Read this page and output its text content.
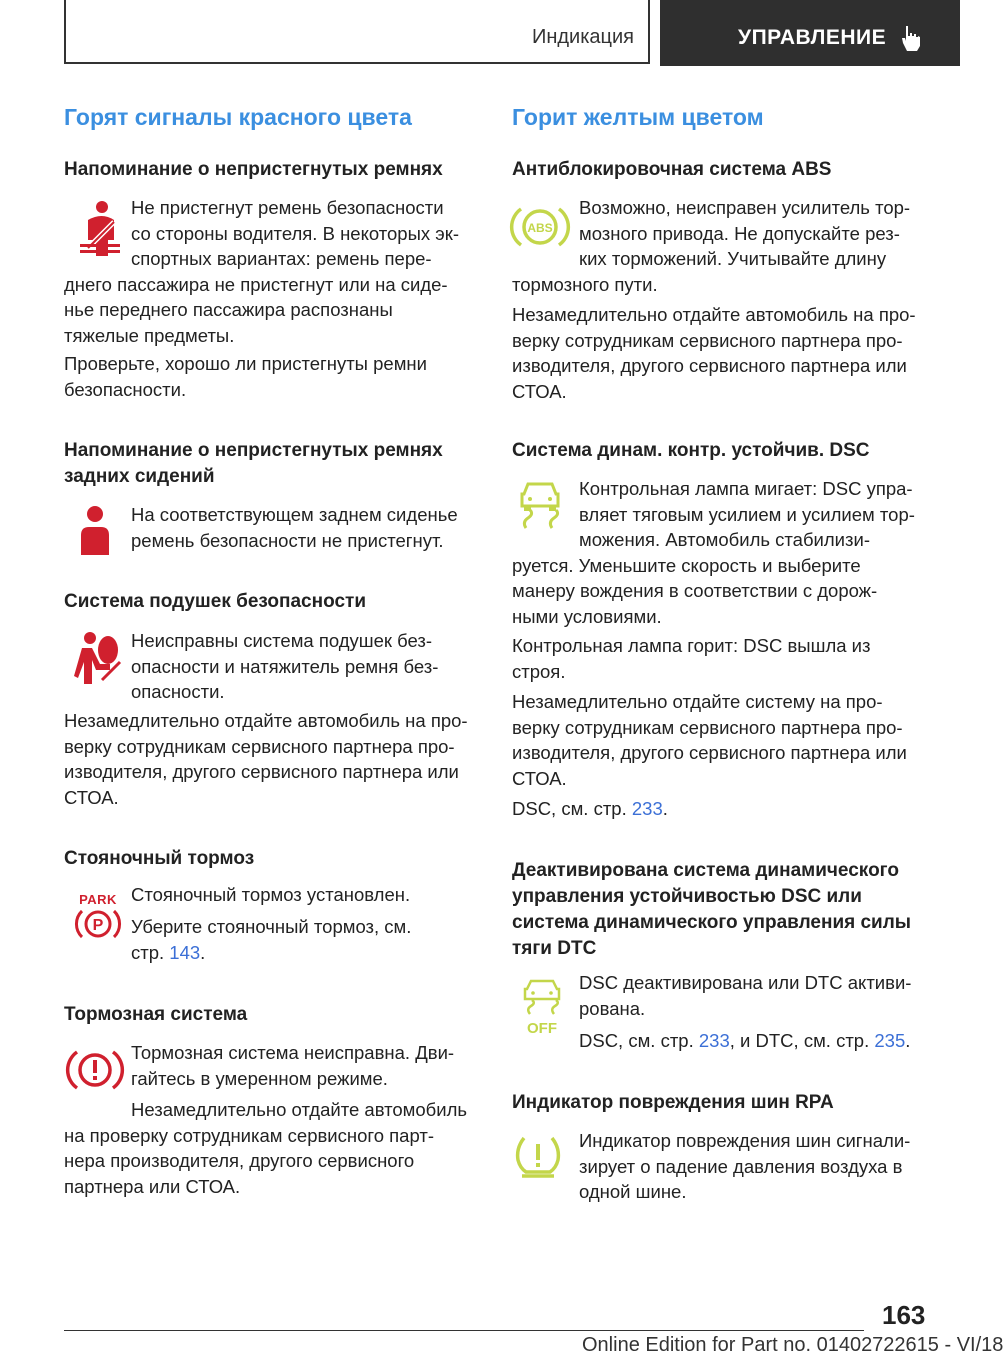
Индикация	УПРАВЛЕНИЕ
Горят сигналы красного цвета
Напоминание о непристегнутых ремнях
Не пристегнут ремень безопасности
со стороны водителя. В некоторых эк-
спортных вариантах: ремень пере-
днего пассажира не пристегнут или на сиде-
нье переднего пассажира распознаны
тяжелые предметы.
Проверьте, хорошо ли пристегнуты ремни
безопасности.
Напоминание о непристегнутых ремнях
задних сидений
На соответствующем заднем сиденье
ремень безопасности не пристегнут.
Система подушек безопасности
Неисправны система подушек без-
опасности и натяжитель ремня без-
опасности.
Незамедлительно отдайте автомобиль на про-
верку сотрудникам сервисного партнера про-
изводителя, другого сервисного партнера или
СТОА.
Стояночный тормоз
PARK
P
Стояночный тормоз установлен.
Уберите стояночный тормоз, см.
стр. 143.
Тормозная система
Тормозная система неисправна. Дви-
гайтесь в умеренном режиме.
Незамедлительно отдайте автомобиль
на проверку сотрудникам сервисного парт-
нера производителя, другого сервисного
партнера или СТОА.
Горит желтым цветом
Антиблокировочная система ABS
ABS
Возможно, неисправен усилитель тор-
мозного привода. Не допускайте рез-
ких торможений. Учитывайте длину
тормозного пути.
Незамедлительно отдайте автомобиль на про-
верку сотрудникам сервисного партнера про-
изводителя, другого сервисного партнера или
СТОА.
Система динам. контр. устойчив. DSC
Контрольная лампа мигает: DSC упра-
вляет тяговым усилием и усилием тор-
можения. Автомобиль стабилизи-
руется. Уменьшите скорость и выберите
манеру вождения в соответствии с дорож-
ными условиями.
Контрольная лампа горит: DSC вышла из
строя.
Незамедлительно отдайте систему на про-
верку сотрудникам сервисного партнера про-
изводителя, другого сервисного партнера или
СТОА.
DSC, см. стр. 233.
Деактивирована система динамического
управления устойчивостью DSC или
система динамического управления силы
тяги DTC
OFF
DSC деактивирована или DTC активи-
рована.
DSC, см. стр. 233, и DTC, см. стр. 235.
Индикатор повреждения шин RPA
Индикатор повреждения шин сигнали-
зирует о падение давления воздуха в
одной шине.
163
Online Edition for Part no. 01402722615 - VI/18
